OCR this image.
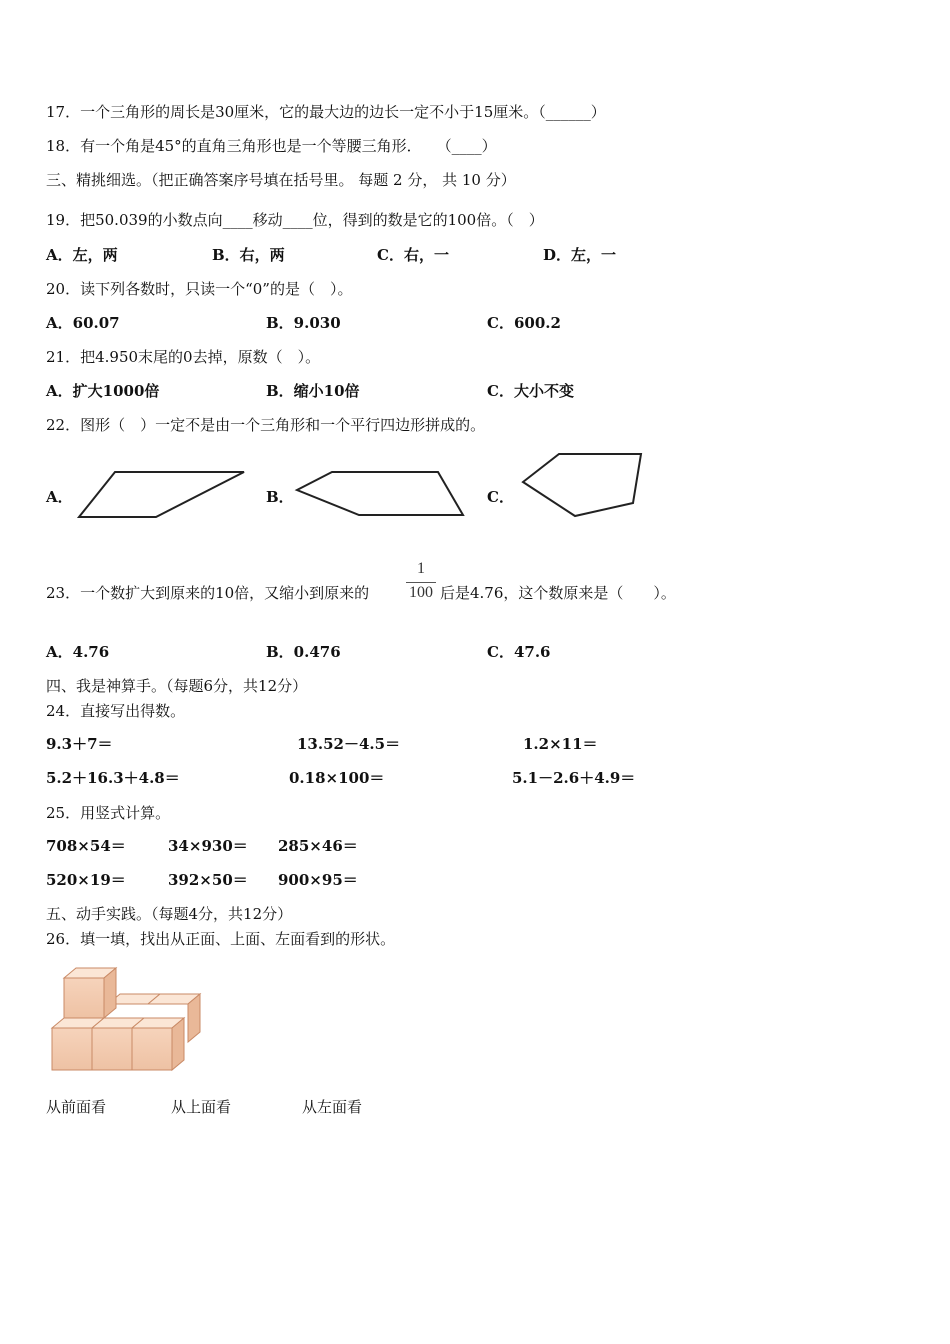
17．一个三角形的周长是30厘米，它的最大边的边长一定不小于15厘米。（______）
18．有一个角是45°的直角三角形也是一个等腰三角形．　　（____）
三、精挑细选。（把正确答案序号填在括号里。 每题 2 分， 共 10 分）
19．把50.039的小数点向____移动____位，得到的数是它的100倍。（　）
A．左，两	B．右，两	C．右，一	D．左，一
20．读下列各数时，只读一个“0”的是（　）。
A．60.07	B．9.030	C．600.2
21．把4.950末尾的0去掉，原数（　）。
A．扩大1000倍	B．缩小10倍	C．大小不变
22．图形（　）一定不是由一个三角形和一个平行四边形拼成的。
A．	B．	C．
23．一个数扩大到原来的10倍，又缩小到原来的
1
100 后是4.76，这个数原来是（　　）。
A．4.76	B．0.476	C．47.6
四、我是神算手。（每题6分，共12分）
24．直接写出得数。
9.3＋7＝	13.52－4.5＝	1.2×11＝
5.2＋16.3＋4.8＝	0.18×100＝	5.1－2.6＋4.9＝
25．用竖式计算。
708×54＝	34×930＝ 285×46＝
520×19＝	392×50＝ 900×95＝
五、动手实践。（每题4分，共12分）
26．填一填，找出从正面、上面、左面看到的形状。
从前面看	从上面看	从左面看
